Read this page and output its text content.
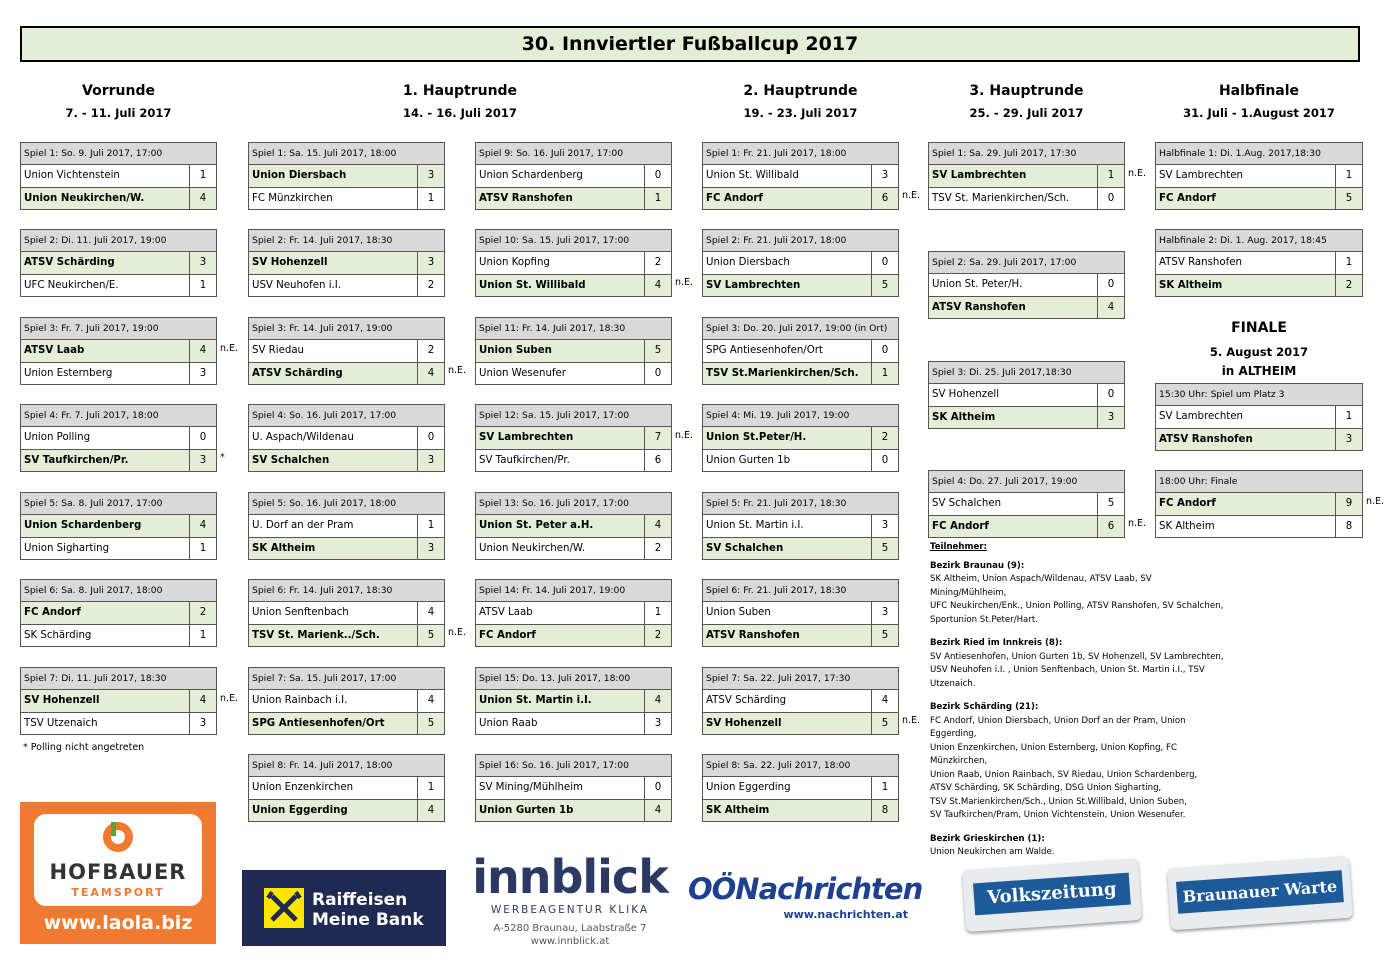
30. Innviertler Fußballcup 2017
Vorrunde
7. - 11. Juli 2017
1. Hauptrunde
14. - 16. Juli 2017
2. Hauptrunde
19. - 23. Juli 2017
3. Hauptrunde
25. - 29. Juli 2017
Halbfinale
31. Juli - 1.August 2017
Spiel 1: So. 9. Juli 2017, 17:00
Union Vichtenstein	1
Union Neukirchen/W.	4
Spiel 2: Di. 11. Juli 2017, 19:00
ATSV Schärding	3
UFC Neukirchen/E.	1
Spiel 3: Fr. 7. Juli 2017, 19:00
ATSV Laab	4
Union Esternberg	3
n.E.
Spiel 4: Fr. 7. Juli 2017, 18:00
Union Polling	0
SV Taufkirchen/Pr.	3	*
Spiel 5: Sa. 8. Juli 2017, 17:00
Union Schardenberg	4
Union Sigharting	1
Spiel 6: Sa. 8. Juli 2017, 18:00
FC Andorf	2
SK Schärding	1
Spiel 7: Di. 11. Juli 2017, 18:30
SV Hohenzell	4
TSV Utzenaich	3
n.E.
Spiel 1: Sa. 15. Juli 2017, 18:00
Union Diersbach	3
FC Münzkirchen	1
Spiel 2: Fr. 14. Juli 2017, 18:30
SV Hohenzell	3
USV Neuhofen i.I.	2
Spiel 3: Fr. 14. Juli 2017, 19:00
SV Riedau	2
ATSV Schärding	4	n.E.
Spiel 4: So. 16. Juli 2017, 17:00
U. Aspach/Wildenau	0
SV Schalchen	3
Spiel 5: So. 16. Juli 2017, 18:00
U. Dorf an der Pram	1
SK Altheim	3
Spiel 6: Fr. 14. Juli 2017, 18:30
Union Senftenbach	4
TSV St. Marienk../Sch.	5	n.E.
Spiel 7: Sa. 15. Juli 2017, 17:00
Union Rainbach i.I.	4
SPG Antiesenhofen/Ort	5
Spiel 8: Fr. 14. Juli 2017, 18:00
Union Enzenkirchen	1
Union Eggerding	4
Spiel 9: So. 16. Juli 2017, 17:00
Union Schardenberg	0
ATSV Ranshofen	1
Spiel 10: Sa. 15. Juli 2017, 17:00
Union Kopfing	2
Union St. Willibald	4	n.E.
Spiel 11: Fr. 14. Juli 2017, 18:30
Union Suben	5
Union Wesenufer	0
Spiel 12: Sa. 15. Juli 2017, 17:00
SV Lambrechten	7
SV Taufkirchen/Pr.	6
n.E.
Spiel 13: So. 16. Juli 2017, 17:00
Union St. Peter a.H.	4
Union Neukirchen/W.	2
Spiel 14: Fr. 14. Juli 2017, 19:00
ATSV Laab	1
FC Andorf	2
Spiel 15: Do. 13. Juli 2017, 18:00
Union St. Martin i.I.	4
Union Raab	3
Spiel 16: So. 16. Juli 2017, 17:00
SV Mining/Mühlheim	0
Union Gurten 1b	4
Spiel 1: Fr. 21. Juli 2017, 18:00
Union St. Willibald	3
FC Andorf	6	n.E.
Spiel 2: Fr. 21. Juli 2017, 18:00
Union Diersbach	0
SV Lambrechten	5
Spiel 3: Do. 20. Juli 2017, 19:00 (in Ort)
SPG Antiesenhofen/Ort	0
TSV St.Marienkirchen/Sch.	1
Spiel 4: Mi. 19. Juli 2017, 19:00
Union St.Peter/H.	2
Union Gurten 1b	0
Spiel 5: Fr. 21. Juli 2017, 18:30
Union St. Martin i.I.	3
SV Schalchen	5
Spiel 6: Fr. 21. Juli 2017, 18:30
Union Suben	3
ATSV Ranshofen	5
Spiel 7: Sa. 22. Juli 2017, 17:30
ATSV Schärding	4
SV Hohenzell	5	n.E.
Spiel 8: Sa. 22. Juli 2017, 18:00
Union Eggerding	1
SK Altheim	8
Spiel 1: Sa. 29. Juli 2017, 17:30
SV Lambrechten	1
TSV St. Marienkirchen/Sch.	0
n.E.
Spiel 2: Sa. 29. Juli 2017, 17:00
Union St. Peter/H.	0
ATSV Ranshofen	4
Spiel 3: Di. 25. Juli 2017,18:30
SV Hohenzell	0
SK Altheim	3
Spiel 4: Do. 27. Juli 2017, 19:00
SV Schalchen	5
FC Andorf	6	n.E.
Halbfinale 1: Di. 1.Aug. 2017,18:30
SV Lambrechten	1
FC Andorf	5
Halbfinale 2: Di. 1. Aug. 2017, 18:45
ATSV Ranshofen	1
SK Altheim	2
15:30 Uhr: Spiel um Platz 3
SV Lambrechten	1
ATSV Ranshofen	3
18:00 Uhr: Finale
FC Andorf	9
SK Altheim	8
n.E.
FINALE
5. August 2017
in ALTHEIM
* Polling nicht angetreten
Teilnehmer:
Bezirk Braunau (9):
SK Altheim, Union Aspach/Wildenau, ATSV Laab, SV Mining/Mühlheim,
UFC Neukirchen/Enk., Union Polling, ATSV Ranshofen, SV Schalchen,
Sportunion St.Peter/Hart.
Bezirk Ried im Innkreis (8):
SV Antiesenhofen, Union Gurten 1b, SV Hohenzell, SV Lambrechten,
USV Neuhofen i.I. , Union Senftenbach, Union St. Martin i.I., TSV Utzenaich.
Bezirk Schärding (21):
FC Andorf, Union Diersbach, Union Dorf an der Pram, Union Eggerding,
Union Enzenkirchen, Union Esternberg, Union Kopfing, FC Münzkirchen,
Union Raab, Union Rainbach, SV Riedau, Union Schardenberg,
ATSV Schärding, SK Schärding, DSG Union Sigharting,
TSV St.Marienkirchen/Sch., Union St.Willibald, Union Suben,
SV Taufkirchen/Pram, Union Vichtenstein, Union Wesenufer.
Bezirk Grieskirchen (1):
Union Neukirchen am Walde.
HOFBAUER
TEAMSPORT
www.laola.biz
Raiffeisen
Meine Bank
innblick
WERBEAGENTUR KLIKA
A-5280 Braunau, Laabstraße 7
www.innblick.at
OÖNachrichten
www.nachrichten.at
Volkszeitung	Braunauer Warte
